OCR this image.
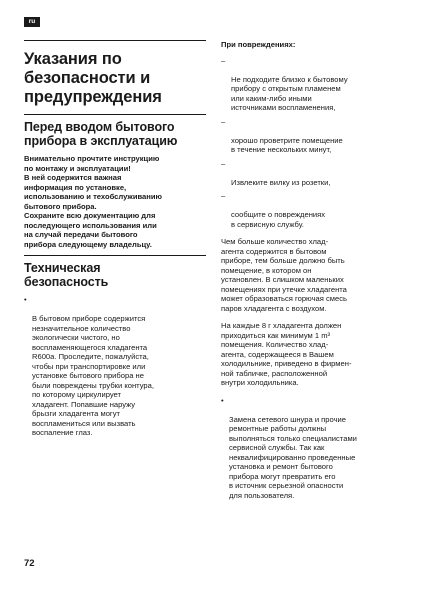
ru
Указания по
безопасности и
предупреждения
Перед вводом бытового
прибора в эксплуатацию
Внимательно прочтите инструкцию
по монтажу и эксплуатации!
В ней содержится важная
информация по установке,
использованию и техобслуживанию
бытового прибора.
Сохраните всю документацию для
последующего использования или
на случай передачи бытового
прибора следующему владельцу.
Техническая
безопасность

•

В бытовом приборе содержится
незначительное количество
экологически чистого, но
воспламеняющегося хладагента
R600a. Проследите, пожалуйста,
чтобы при транспортировке или
установке бытового прибора не
были повреждены трубки контура,
по которому циркулирует
хладагент. Попавшие наружу
брызги хладагента могут
воспламениться или вызвать
воспаление глаз.

При повреждениях:

–

Не подходите близко к бытовому
прибору с открытым пламенем
или каким-либо иными
источниками воспламенения,

–

хорошо проветрите помещение
в течение нескольких минут,

–

Извлеките вилку из розетки,

–

сообщите о повреждениях
в сервисную службу.

Чем больше количество хлад-
агента содержится в бытовом
приборе, тем больше должно быть
помещение, в котором он
установлен. В слишком маленьких
помещениях при утечке хладагента
может образоваться горючая смесь
паров хладагента с воздухом.
На каждые 8 г хладагента должен
приходиться как минимум 1 m³
помещения. Количество хлад-
агента, содержащееся в Вашем
холодильнике, приведено в фирмен-
ной табличке, расположенной
внутри холодильника.

•

Замена сетевого шнура и прочие
ремонтные работы должны
выполняться только специалистами
сервисной службы. Так как
неквалифицированно проведенные
установка и ремонт бытового
прибора могут превратить его
в источник серьезной опасности
для пользователя.

72
